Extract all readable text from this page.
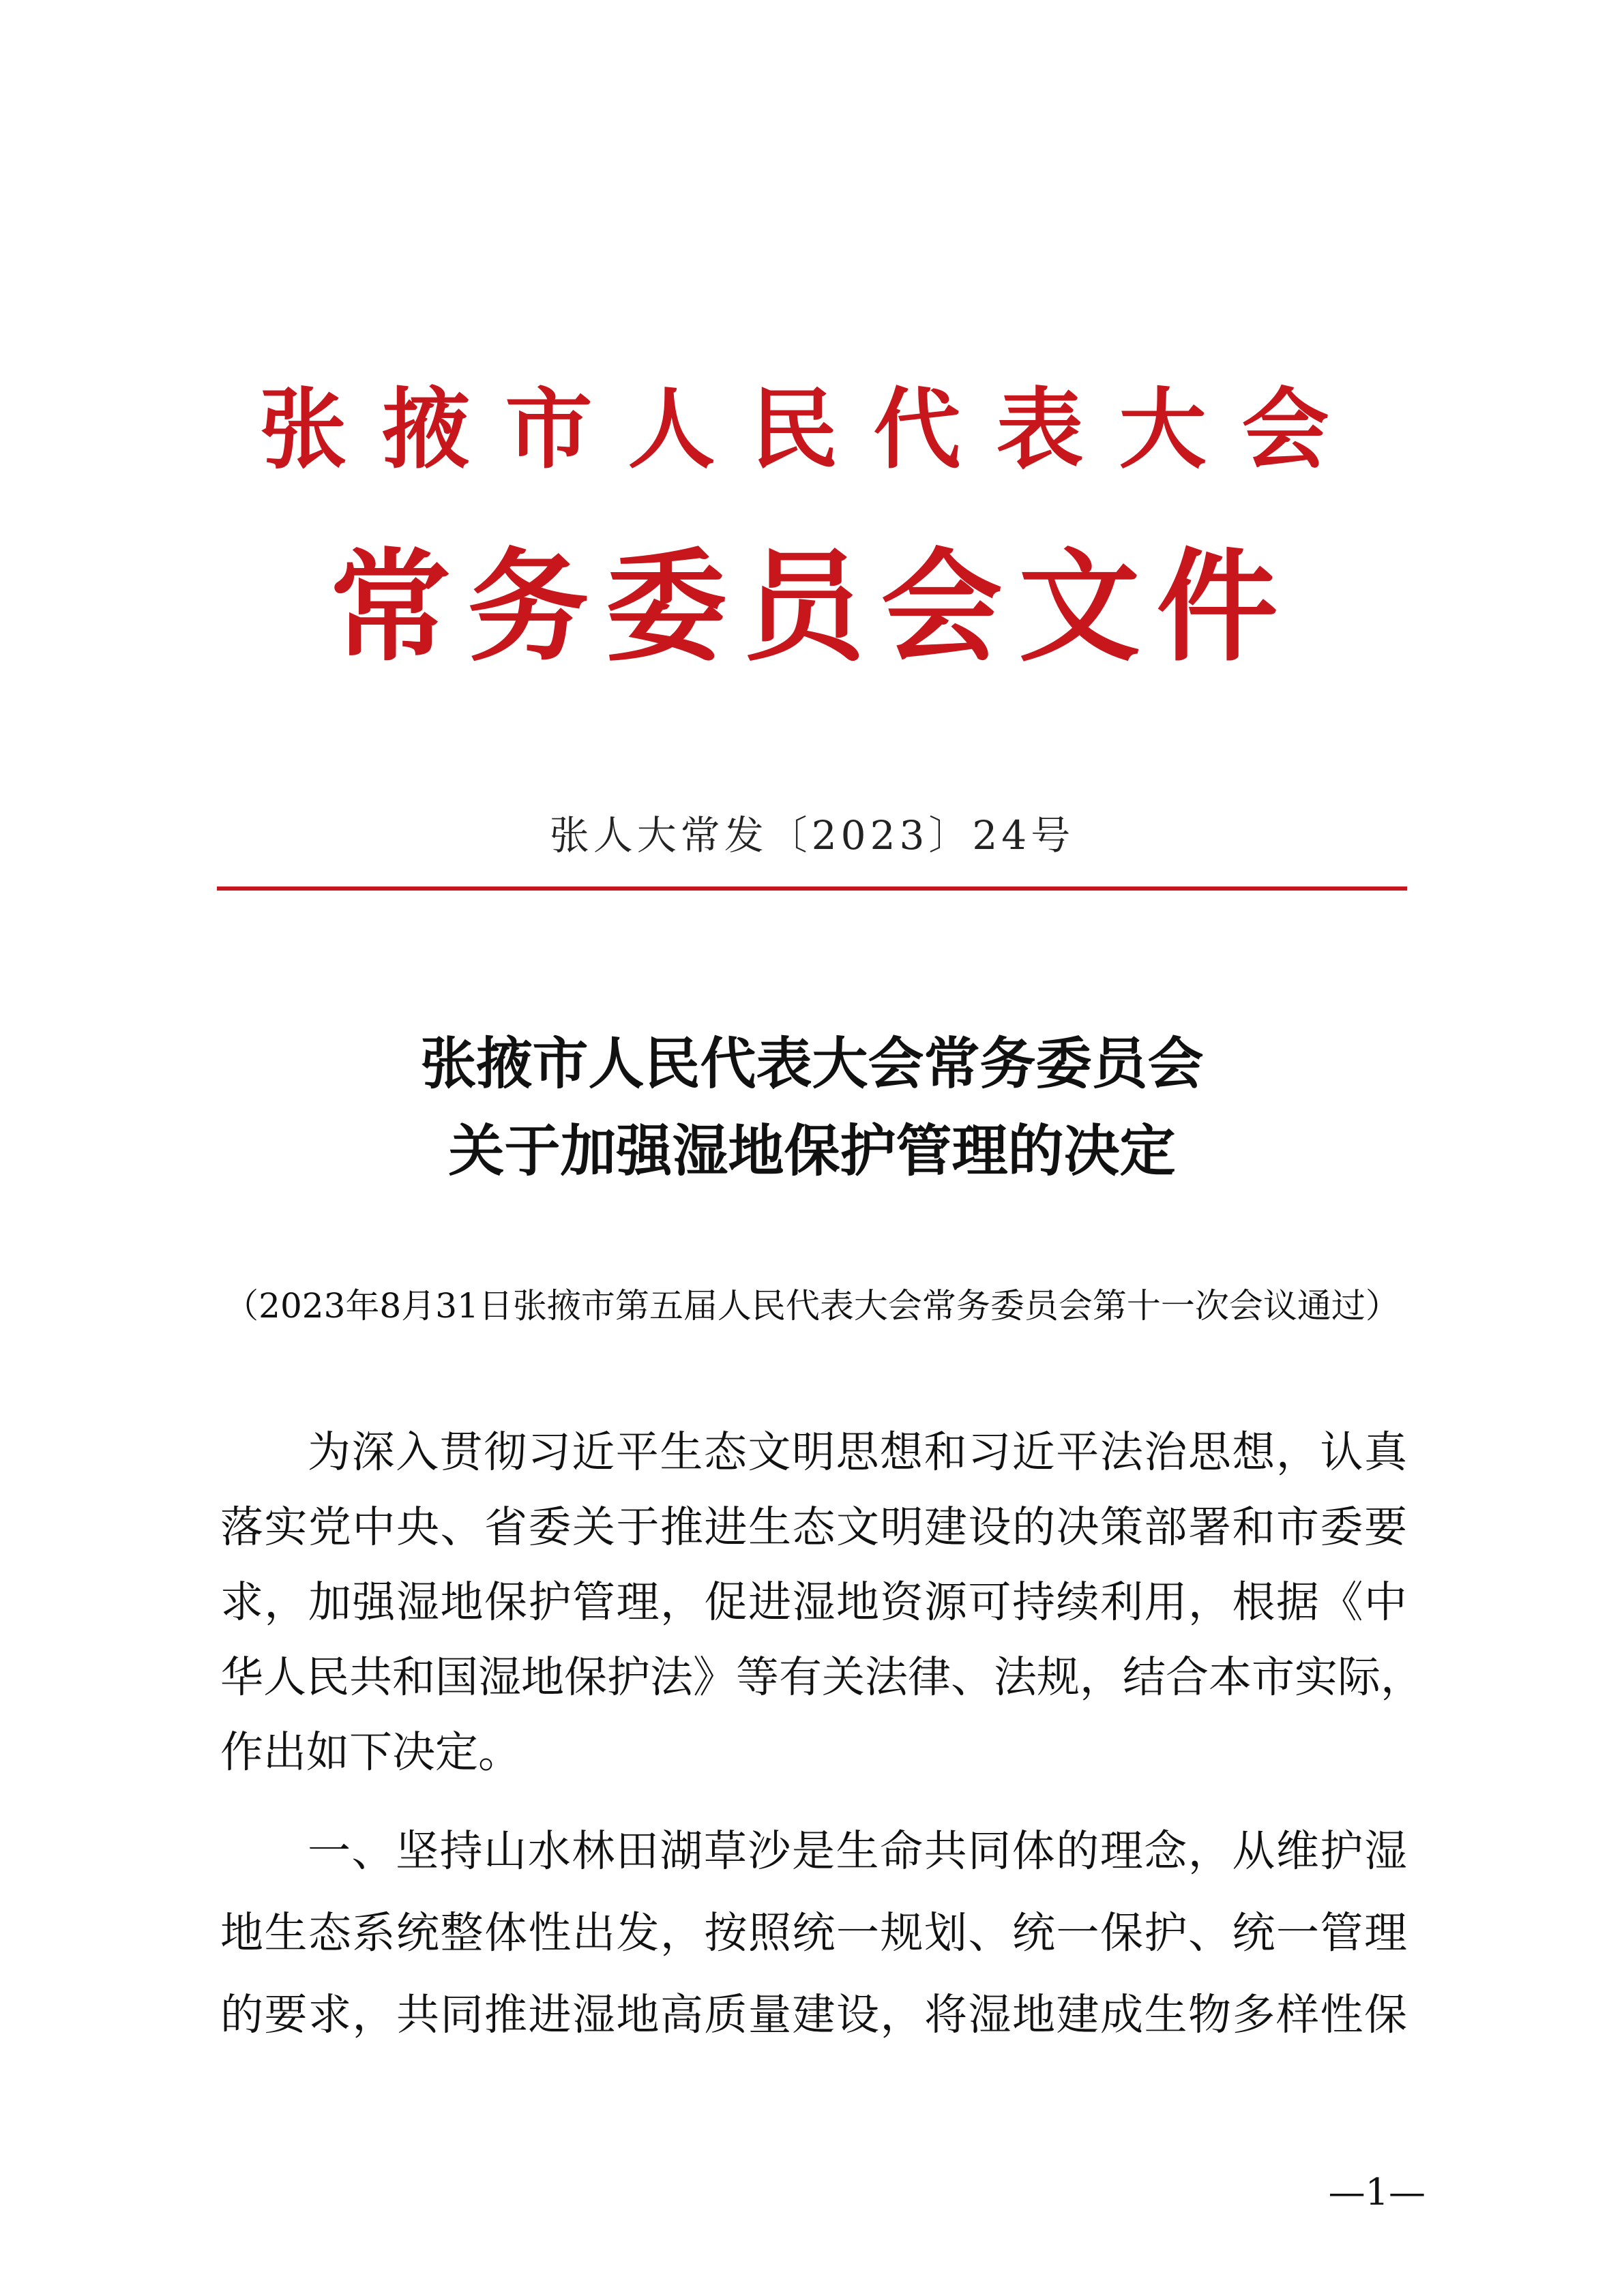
张掖市人民代表大会
常务委员会文件
张人大常发〔2023〕24号
张掖市人民代表大会常务委员会
关于加强湿地保护管理的决定
（2023年8月31日张掖市第五届人民代表大会常务委员会第十一次会议通过）
为深入贯彻习近平生态文明思想和习近平法治思想，认真
落实党中央、省委关于推进生态文明建设的决策部署和市委要
求，加强湿地保护管理，促进湿地资源可持续利用，根据《中
华人民共和国湿地保护法》等有关法律、法规，结合本市实际，
作出如下决定。
一、坚持山水林田湖草沙是生命共同体的理念，从维护湿
地生态系统整体性出发，按照统一规划、统一保护、统一管理
的要求，共同推进湿地高质量建设，将湿地建成生物多样性保
—1—
